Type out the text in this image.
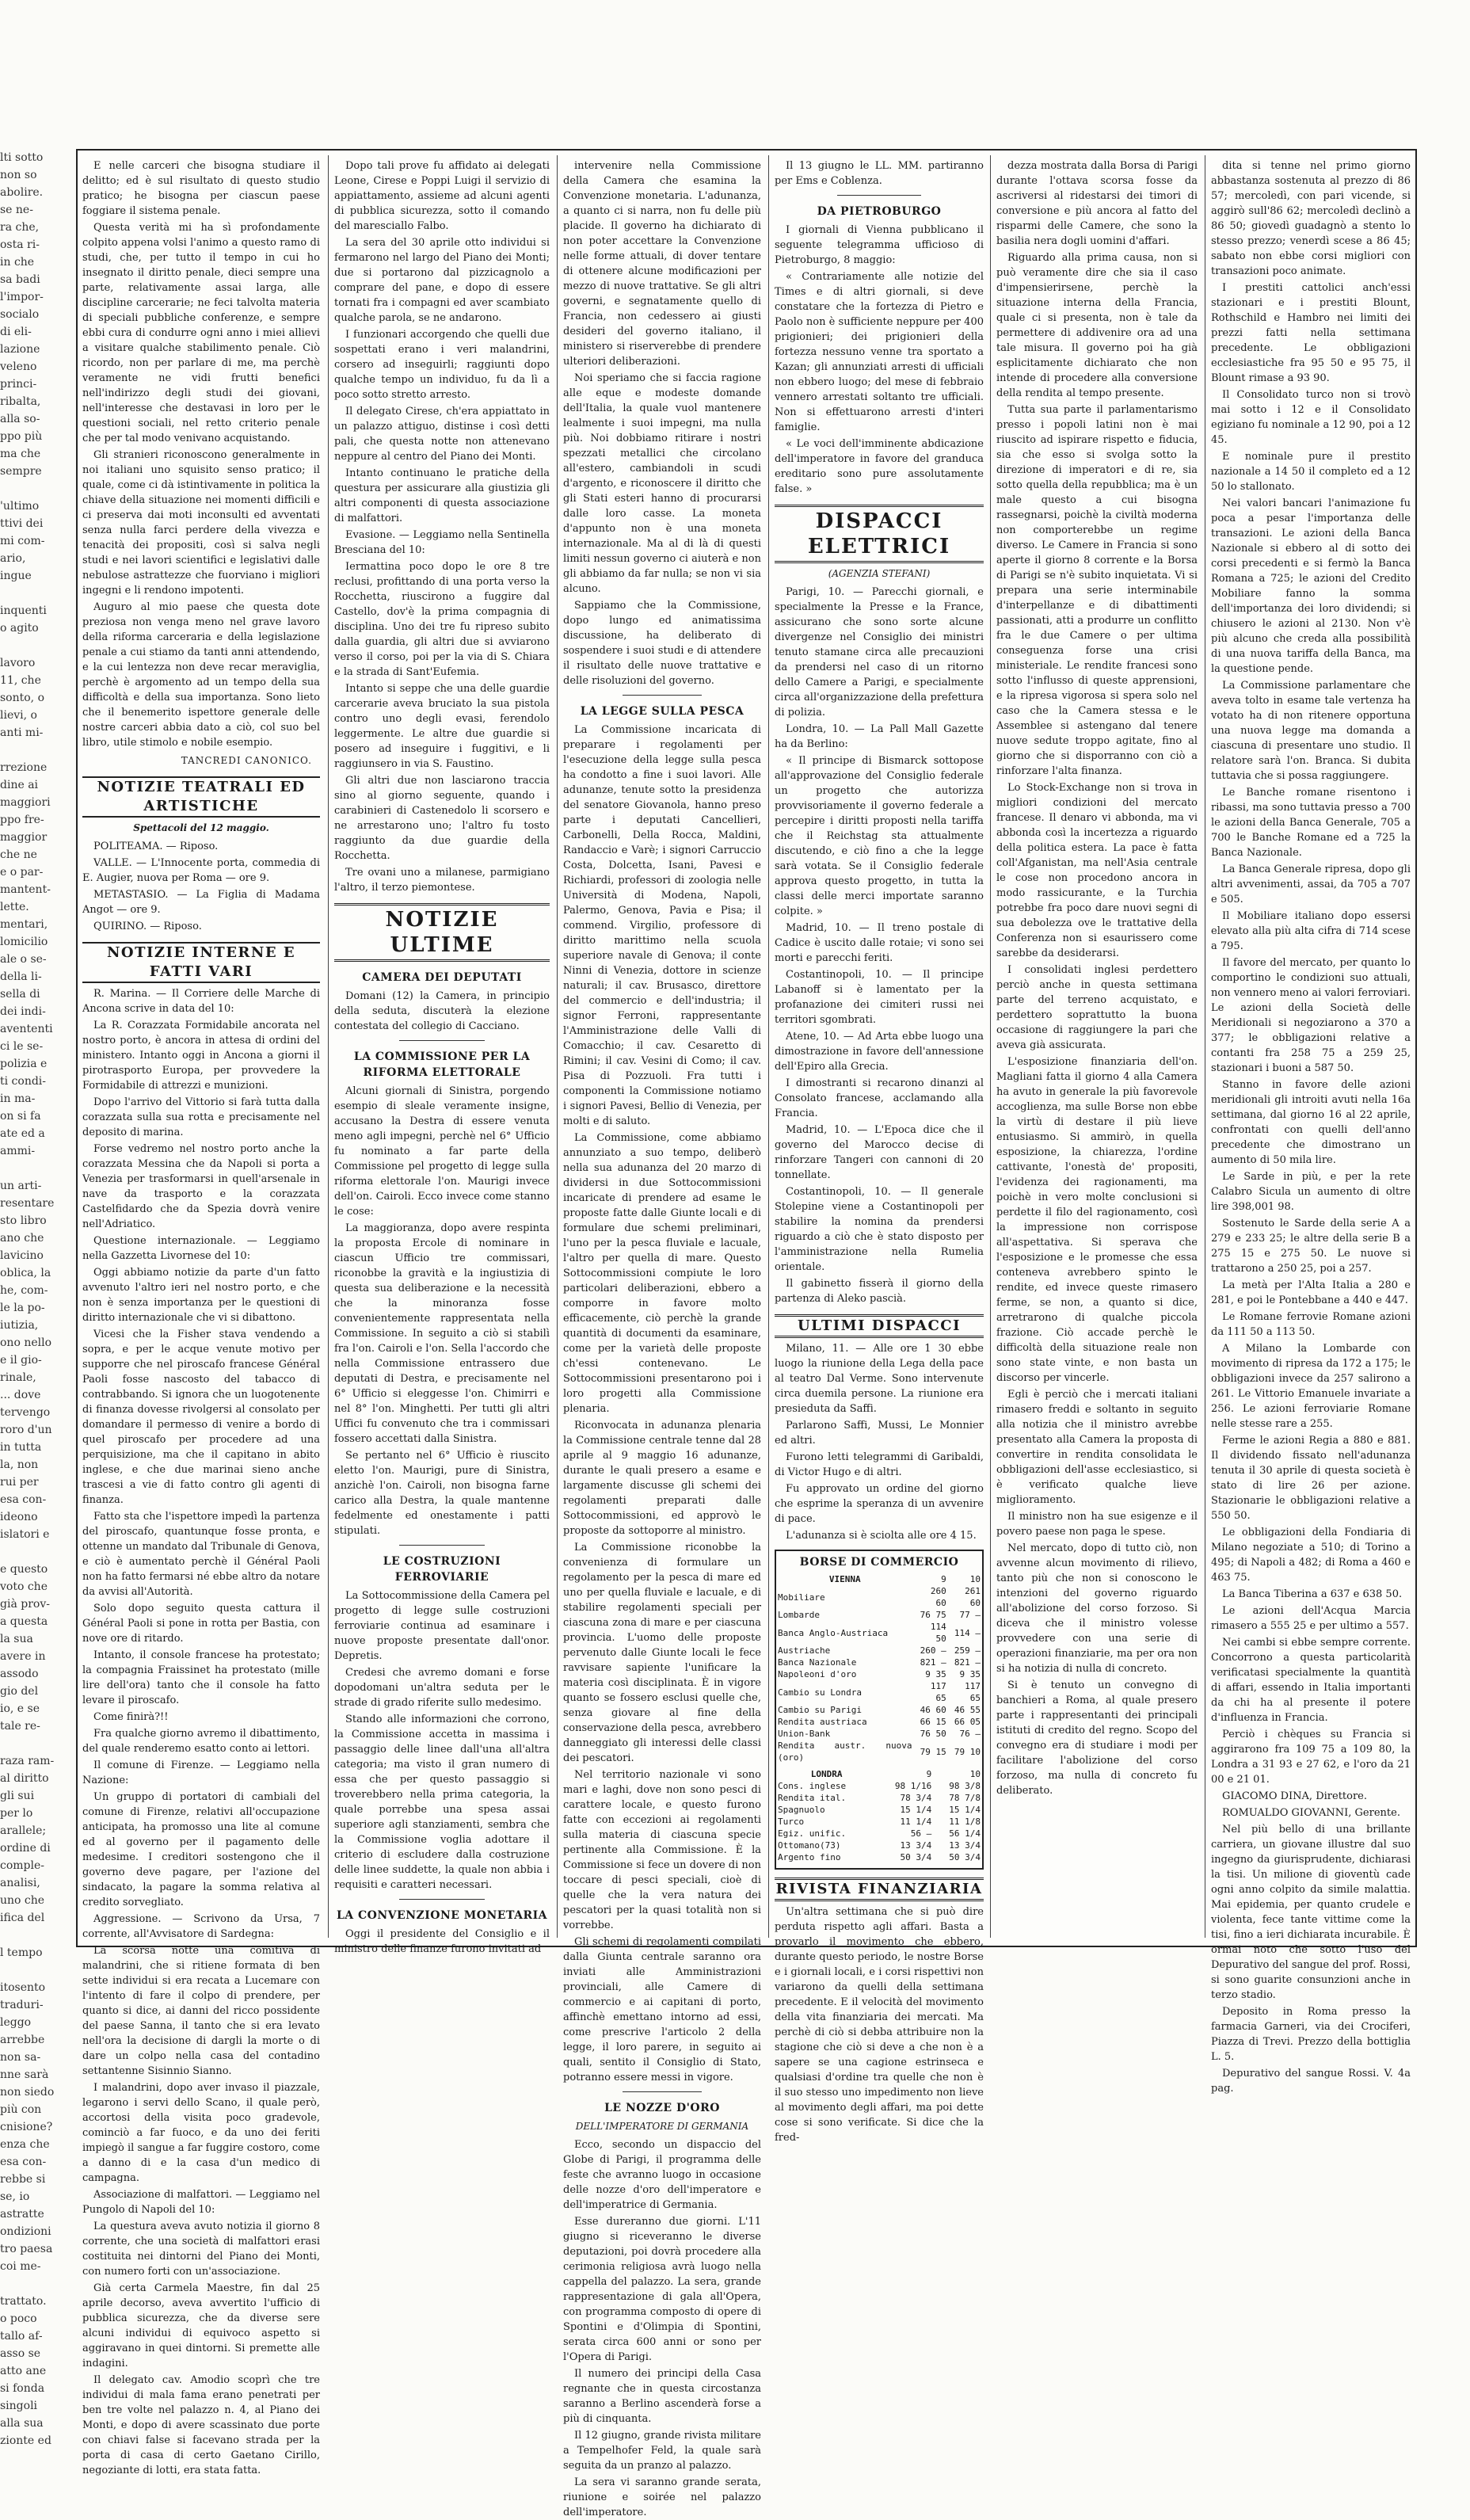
lti sotto
non so
abolire.
se ne-
ra che,
osta ri-
in che
sa badi
l'impor-
socialo
di eli-
lazione
veleno
princi-
ribalta,
alla so-
ppo più
ma che
sempre

'ultimo
ttivi dei
mi com-
ario,
ingue

inquenti
o agito

lavoro
11, che
sonto, o
lievi, o
anti mi-

rrezione
dine ai
maggiori
ppo fre-
maggior
che ne
e o par-
mantent-
lette.
mentari,
lomicilio
ale o se-
della li-
sella di
dei indi-
avententi
ci le se-
polizia e
ti condi-
in ma-
on si fa
ate ed a
ammi-

un arti-
resentare
sto libro
ano che
lavicino
oblica, la
he, com-
le la po-
iutizia,
ono nello
e il gio-
rinale,
... dove
tervengo
roro d'un
in tutta
la, non
rui per
esa con-
ideono
islatori e

e questo
voto che
già prov-
a questa
la sua
avere in
assodo
gio del
io, e se
tale re-

raza ram-
al diritto
gli sui
per lo
arallele;
ordine di
comple-
analisi,
uno che
ifica del

l tempo

itosento
traduri-
leggo
arrebbe
non sa-
nne sarà
non siedo
più con
cnisione?
enza che
esa con-
rebbe si
se, io
astratte
ondizioni
tro paesa
coi me-

trattato.
o poco
tallo af-
asso se
atto ane
si fonda
singoli
alla sua
zionte ed

E nelle carceri che bisogna studiare il delitto; ed è sul risultato di questo studio pratico; he bisogna per ciascun paese foggiare il sistema penale.

Questa verità mi ha sì profondamente colpito appena volsi l'animo a questo ramo di studi, che, per tutto il tempo in cui ho insegnato il diritto penale, dieci sempre una parte, relativamente assai larga, alle discipline carcerarie; ne feci talvolta materia di speciali pubbliche conferenze, e sempre ebbi cura di condurre ogni anno i miei allievi a visitare qualche stabilimento penale. Ciò ricordo, non per parlare di me, ma perchè veramente ne vidi frutti benefici nell'indirizzo degli studi dei giovani, nell'interesse che destavasi in loro per le questioni sociali, nel retto criterio penale che per tal modo venivano acquistando.

Gli stranieri riconoscono generalmente in noi italiani uno squisito senso pratico; il quale, come ci dà istintivamente in politica la chiave della situazione nei momenti difficili e ci preserva dai moti inconsulti ed avventati senza nulla farci perdere della vivezza e tenacità dei propositi, così si salva negli studi e nei lavori scientifici e legislativi dalle nebulose astrattezze che fuorviano i migliori ingegni e li rendono impotenti.

Auguro al mio paese che questa dote preziosa non venga meno nel grave lavoro della riforma carceraria e della legislazione penale a cui stiamo da tanti anni attendendo, e la cui lentezza non deve recar meraviglia, perchè è argomento ad un tempo della sua difficoltà e della sua importanza. Sono lieto che il benemerito ispettore generale delle nostre carceri abbia dato a ciò, col suo bel libro, utile stimolo e nobile esempio.

TANCREDI CANONICO.
NOTIZIE TEATRALI ED ARTISTICHE
Spettacoli del 12 maggio.

POLITEAMA. — Riposo.

VALLE. — L'Innocente porta, commedia di E. Augier, nuova per Roma — ore 9.

METASTASIO. — La Figlia di Madama Angot — ore 9.

QUIRINO. — Riposo.

NOTIZIE INTERNE E FATTI VARI

R. Marina. — Il Corriere delle Marche di Ancona scrive in data del 10:

La R. Corazzata Formidabile ancorata nel nostro porto, è ancora in attesa di ordini del ministero. Intanto oggi in Ancona a giorni il pirotrasporto Europa, per provvedere la Formidabile di attrezzi e munizioni.

Dopo l'arrivo del Vittorio si farà tutta dalla corazzata sulla sua rotta e precisamente nel deposito di marina.

Forse vedremo nel nostro porto anche la corazzata Messina che da Napoli si porta a Venezia per trasformarsi in quell'arsenale in nave da trasporto e la corazzata Castelfidardo che da Spezia dovrà venire nell'Adriatico.

Questione internazionale. — Leggiamo nella Gazzetta Livornese del 10:

Oggi abbiamo notizie da parte d'un fatto avvenuto l'altro ieri nel nostro porto, e che non è senza importanza per le questioni di diritto internazionale che vi si dibattono.

Vicesi che la Fisher stava vendendo a sopra, e per le acque venute motivo per supporre che nel piroscafo francese Général Paoli fosse nascosto del tabacco di contrabbando. Si ignora che un luogotenente di finanza dovesse rivolgersi al consolato per domandare il permesso di venire a bordo di quel piroscafo per procedere ad una perquisizione, ma che il capitano in abito inglese, e che due marinai sieno anche trascesi a vie di fatto contro gli agenti di finanza.

Fatto sta che l'ispettore impedì la partenza del piroscafo, quantunque fosse pronta, e ottenne un mandato dal Tribunale di Genova, e ciò è aumentato perchè il Général Paoli non ha fatto fermarsi né ebbe altro da notare da avvisi all'Autorità.

Solo dopo seguito questa cattura il Général Paoli si pone in rotta per Bastia, con nove ore di ritardo.

Intanto, il console francese ha protestato; la compagnia Fraissinet ha protestato (mille lire dell'ora) tanto che il console ha fatto levare il piroscafo.

Come finirà?!!

Fra qualche giorno avremo il dibattimento, del quale renderemo esatto conto ai lettori.

Il comune di Firenze. — Leggiamo nella Nazione:

Un gruppo di portatori di cambiali del comune di Firenze, relativi all'occupazione anticipata, ha promosso una lite al comune ed al governo per il pagamento delle medesime. I creditori sostengono che il governo deve pagare, per l'azione del sindacato, la pagare la somma relativa al credito sorvegliato.

Aggressione. — Scrivono da Ursa, 7 corrente, all'Avvisatore di Sardegna:

La scorsa notte una comitiva di malandrini, che si ritiene formata di ben sette individui si era recata a Lucemare con l'intento di fare il colpo di prendere, per quanto si dice, ai danni del ricco possidente del paese Sanna, il tanto che si era levato nell'ora la decisione di dargli la morte o di dare un colpo nella casa del contadino settantenne Sisinnio Sianno.

I malandrini, dopo aver invaso il piazzale, legarono i servi dello Scano, il quale però, accortosi della visita poco gradevole, cominciò a far fuoco, e da uno dei feriti impiegò il sangue a far fuggire costoro, come a danno di e la casa d'un medico di campagna.

Associazione di malfattori. — Leggiamo nel Pungolo di Napoli del 10:

La questura aveva avuto notizia il giorno 8 corrente, che una società di malfattori erasi costituita nei dintorni del Piano dei Monti, con numero forti con un'associazione.

Già certa Carmela Maestre, fin dal 25 aprile decorso, aveva avvertito l'ufficio di pubblica sicurezza, che da diverse sere alcuni individui di equivoco aspetto si aggiravano in quei dintorni. Si premette alle indagini.

Il delegato cav. Amodio scoprì che tre individui di mala fama erano penetrati per ben tre volte nel palazzo n. 4, al Piano dei Monti, e dopo di avere scassinato due porte con chiavi false si facevano strada per la porta di casa di certo Gaetano Cirillo, negoziante di lotti, era stata fatta.

Dopo tali prove fu affidato ai delegati Leone, Cirese e Poppi Luigi il servizio di appiattamento, assieme ad alcuni agenti di pubblica sicurezza, sotto il comando del maresciallo Falbo.

La sera del 30 aprile otto individui si fermarono nel largo del Piano dei Monti; due si portarono dal pizzicagnolo a comprare del pane, e dopo di essere tornati fra i compagni ed aver scambiato qualche parola, se ne andarono.

I funzionari accorgendo che quelli due sospettati erano i veri malandrini, corsero ad inseguirli; raggiunti dopo qualche tempo un individuo, fu da lì a poco sotto stretto arresto.

Il delegato Cirese, ch'era appiattato in un palazzo attiguo, distinse i così detti pali, che questa notte non attenevano neppure al centro del Piano dei Monti.

Intanto continuano le pratiche della questura per assicurare alla giustizia gli altri componenti di questa associazione di malfattori.

Evasione. — Leggiamo nella Sentinella Bresciana del 10:

Iermattina poco dopo le ore 8 tre reclusi, profittando di una porta verso la Rocchetta, riuscirono a fuggire dal Castello, dov'è la prima compagnia di disciplina. Uno dei tre fu ripreso subito dalla guardia, gli altri due si avviarono verso il corso, poi per la via di S. Chiara e la strada di Sant'Eufemia.

Intanto si seppe che una delle guardie carcerarie aveva bruciato la sua pistola contro uno degli evasi, ferendolo leggermente. Le altre due guardie si posero ad inseguire i fuggitivi, e li raggiunsero in via S. Faustino.

Gli altri due non lasciarono traccia sino al giorno seguente, quando i carabinieri di Castenedolo li scorsero e ne arrestarono uno; l'altro fu tosto raggiunto da due guardie della Rocchetta.

Tre ovani uno a milanese, parmigiano l'altro, il terzo piemontese.

NOTIZIE ULTIME
CAMERA DEI DEPUTATI

Domani (12) la Camera, in principio della seduta, discuterà la elezione contestata del collegio di Cacciano.

LA COMMISSIONE PER LA RIFORMA ELETTORALE

Alcuni giornali di Sinistra, porgendo esempio di sleale veramente insigne, accusano la Destra di essere venuta meno agli impegni, perchè nel 6° Ufficio fu nominato a far parte della Commissione pel progetto di legge sulla riforma elettorale l'on. Maurigi invece dell'on. Cairoli. Ecco invece come stanno le cose:

La maggioranza, dopo avere respinta la proposta Ercole di nominare in ciascun Ufficio tre commissari, riconobbe la gravità e la ingiustizia di questa sua deliberazione e la necessità che la minoranza fosse convenientemente rappresentata nella Commissione. In seguito a ciò si stabilì fra l'on. Cairoli e l'on. Sella l'accordo che nella Commissione entrassero due deputati di Destra, e precisamente nel 6° Ufficio si eleggesse l'on. Chimirri e nel 8° l'on. Minghetti. Per tutti gli altri Uffici fu convenuto che tra i commissari fossero accettati dalla Sinistra.

Se pertanto nel 6° Ufficio è riuscito eletto l'on. Maurigi, pure di Sinistra, anzichè l'on. Cairoli, non bisogna farne carico alla Destra, la quale mantenne fedelmente ed onestamente i patti stipulati.

LE COSTRUZIONI FERROVIARIE

La Sottocommissione della Camera pel progetto di legge sulle costruzioni ferroviarie continua ad esaminare i nuove proposte presentate dall'onor. Depretis.

Credesi che avremo domani e forse dopodomani un'altra seduta per le strade di grado riferite sullo medesimo.

Stando alle informazioni che corrono, la Commissione accetta in massima i passaggio delle linee dall'una all'altra categoria; ma visto il gran numero di essa che per questo passaggio si troverebbero nella prima categoria, la quale porrebbe una spesa assai superiore agli stanziamenti, sembra che la Commissione voglia adottare il criterio di escludere dalla costruzione delle linee suddette, la quale non abbia i requisiti e caratteri necessari.

LA CONVENZIONE MONETARIA

Oggi il presidente del Consiglio e il ministro delle finanze furono invitati ad

intervenire nella Commissione della Camera che esamina la Convenzione monetaria. L'adunanza, a quanto ci si narra, non fu delle più placide. Il governo ha dichiarato di non poter accettare la Convenzione nelle forme attuali, di dover tentare di ottenere alcune modificazioni per mezzo di nuove trattative. Se gli altri governi, e segnatamente quello di Francia, non cedessero ai giusti desideri del governo italiano, il ministero si riserverebbe di prendere ulteriori deliberazioni.

Noi speriamo che si faccia ragione alle eque e modeste domande dell'Italia, la quale vuol mantenere lealmente i suoi impegni, ma nulla più. Noi dobbiamo ritirare i nostri spezzati metallici che circolano all'estero, cambiandoli in scudi d'argento, e riconoscere il diritto che gli Stati esteri hanno di procurarsi dalle loro casse. La moneta d'appunto non è una moneta internazionale. Ma al di là di questi limiti nessun governo ci aiuterà e non gli abbiamo da far nulla; se non vi sia alcuno.

Sappiamo che la Commissione, dopo lungo ed animatissima discussione, ha deliberato di sospendere i suoi studi e di attendere il risultato delle nuove trattative e delle risoluzioni del governo.

LA LEGGE SULLA PESCA

La Commissione incaricata di preparare i regolamenti per l'esecuzione della legge sulla pesca ha condotto a fine i suoi lavori. Alle adunanze, tenute sotto la presidenza del senatore Giovanola, hanno preso parte i deputati Cancellieri, Carbonelli, Della Rocca, Maldini, Randaccio e Varè; i signori Carruccio Costa, Dolcetta, Isani, Pavesi e Richiardi, professori di zoologia nelle Università di Modena, Napoli, Palermo, Genova, Pavia e Pisa; il commend. Virgilio, professore di diritto marittimo nella scuola superiore navale di Genova; il conte Ninni di Venezia, dottore in scienze naturali; il cav. Brusasco, direttore del commercio e dell'industria; il signor Ferroni, rappresentante l'Amministrazione delle Valli di Comacchio; il cav. Cesaretto di Rimini; il cav. Vesini di Como; il cav. Pisa di Pozzuoli. Fra tutti i componenti la Commissione notiamo i signori Pavesi, Bellio di Venezia, per molti e di saluto.

La Commissione, come abbiamo annunziato a suo tempo, deliberò nella sua adunanza del 20 marzo di dividersi in due Sottocommissioni incaricate di prendere ad esame le proposte fatte dalle Giunte locali e di formulare due schemi preliminari, l'uno per la pesca fluviale e lacuale, l'altro per quella di mare. Questo Sottocommissioni compiute le loro particolari deliberazioni, ebbero a comporre in favore molto efficacemente, ciò perchè la grande quantità di documenti da esaminare, come per la varietà delle proposte ch'essi contenevano. Le Sottocommissioni presentarono poi i loro progetti alla Commissione plenaria.

Riconvocata in adunanza plenaria la Commissione centrale tenne dal 28 aprile al 9 maggio 16 adunanze, durante le quali presero a esame e largamente discusse gli schemi dei regolamenti preparati dalle Sottocommissioni, ed approvò le proposte da sottoporre al ministro.

La Commissione riconobbe la convenienza di formulare un regolamento per la pesca di mare ed uno per quella fluviale e lacuale, e di stabilire regolamenti speciali per ciascuna zona di mare e per ciascuna provincia. L'uomo delle proposte pervenuto dalle Giunte locali le fece ravvisare sapiente l'unificare la materia così disciplinata. È in vigore quanto se fossero esclusi quelle che, senza giovare al fine della conservazione della pesca, avrebbero danneggiato gli interessi delle classi dei pescatori.

Nel territorio nazionale vi sono mari e laghi, dove non sono pesci di carattere locale, e questo furono fatte con eccezioni ai regolamenti sulla materia di ciascuna specie pertinente alla Commissione. È la Commissione si fece un dovere di non toccare di pesci speciali, cioè di quelle che la vera natura dei pescatori per la quasi totalità non si vorrebbe.

Gli schemi di regolamenti compilati dalla Giunta centrale saranno ora inviati alle Amministrazioni provinciali, alle Camere di commercio e ai capitani di porto, affinchè emettano intorno ad essi, come prescrive l'articolo 2 della legge, il loro parere, in seguito ai quali, sentito il Consiglio di Stato, potranno essere messi in vigore.

LE NOZZE D'ORO
DELL'IMPERATORE DI GERMANIA

Ecco, secondo un dispaccio del Globe di Parigi, il programma delle feste che avranno luogo in occasione delle nozze d'oro dell'imperatore e dell'imperatrice di Germania.

Esse dureranno due giorni. L'11 giugno si riceveranno le diverse deputazioni, poi dovrà procedere alla cerimonia religiosa avrà luogo nella cappella del palazzo. La sera, grande rappresentazione di gala all'Opera, con programma composto di opere di Spontini e d'Olimpia di Spontini, serata circa 600 anni or sono per l'Opera di Parigi.

Il numero dei principi della Casa regnante che in questa circostanza saranno a Berlino ascenderà forse a più di cinquanta.

Il 12 giugno, grande rivista militare a Tempelhofer Feld, la quale sarà seguita da un pranzo al palazzo.

La sera vi saranno grande serata, riunione e soirée nel palazzo dell'imperatore.

Il 13 giugno le LL. MM. partiranno per Ems e Coblenza.

DA PIETROBURGO

I giornali di Vienna pubblicano il seguente telegramma ufficioso di Pietroburgo, 8 maggio:

« Contrariamente alle notizie del Times e di altri giornali, si deve constatare che la fortezza di Pietro e Paolo non è sufficiente neppure per 400 prigionieri; dei prigionieri della fortezza nessuno venne tra sportato a Kazan; gli annunziati arresti di ufficiali non ebbero luogo; del mese di febbraio vennero arrestati soltanto tre ufficiali. Non si effettuarono arresti d'interi famiglie.

« Le voci dell'imminente abdicazione dell'imperatore in favore del granduca ereditario sono pure assolutamente false. »

DISPACCI ELETTRICI
(AGENZIA STEFANI)

Parigi, 10. — Parecchi giornali, e specialmente la Presse e la France, assicurano che sono sorte alcune divergenze nel Consiglio dei ministri tenuto stamane circa alle precauzioni da prendersi nel caso di un ritorno dello Camere a Parigi, e specialmente circa all'organizzazione della prefettura di polizia.

Londra, 10. — La Pall Mall Gazette ha da Berlino:

« Il principe di Bismarck sottopose all'approvazione del Consiglio federale un progetto che autorizza provvisoriamente il governo federale a percepire i diritti proposti nella tariffa che il Reichstag sta attualmente discutendo, e ciò fino a che la legge sarà votata. Se il Consiglio federale approva questo progetto, in tutta la classi delle merci importate saranno colpite. »

Madrid, 10. — Il treno postale di Cadice è uscito dalle rotaie; vi sono sei morti e parecchi feriti.

Costantinopoli, 10. — Il principe Labanoff si è lamentato per la profanazione dei cimiteri russi nei territori sgombrati.

Atene, 10. — Ad Arta ebbe luogo una dimostrazione in favore dell'annessione dell'Epiro alla Grecia.

I dimostranti si recarono dinanzi al Consolato francese, acclamando alla Francia.

Madrid, 10. — L'Epoca dice che il governo del Marocco decise di rinforzare Tangeri con cannoni di 20 tonnellate.

Costantinopoli, 10. — Il generale Stolepine viene a Costantinopoli per stabilire la nomina da prendersi riguardo a ciò che è stato disposto per l'amministrazione nella Rumelia orientale.

Il gabinetto fisserà il giorno della partenza di Aleko pascià.

ULTIMI DISPACCI

Milano, 11. — Alle ore 1 30 ebbe luogo la riunione della Lega della pace al teatro Dal Verme. Sono intervenute circa duemila persone. La riunione era presieduta da Saffi.

Parlarono Saffi, Mussi, Le Monnier ed altri.

Furono letti telegrammi di Garibaldi, di Victor Hugo e di altri.

Fu approvato un ordine del giorno che esprime la speranza di un avvenire di pace.

L'adunanza si è sciolta alle ore 4 15.

BORSE DI COMMERCIO
VIENNA	9	10
Mobiliare	260 60	261 60
Lombarde	76 75	77 —
Banca Anglo-Austriaca	114 50	114 —
Austriache	260 —	259 —
Banca Nazionale	821 —	821 —
Napoleoni d'oro	9 35	9 35
Cambio su Londra	117 65	117 65
Cambio su Parigi	46 60	46 55
Rendita austriaca	66 15	66 05
Union-Bank	76 50	76 —
Rendita austr. nuova (oro)	79 15	79 10
LONDRA	9	10
Cons. inglese	98 1/16	98 3/8
Rendita ital.	78 3/4	78 7/8
Spagnuolo	15 1/4	15 1/4
Turco	11 1/4	11 1/8
Egiz. unific.	56 —	56 1/4
Ottomano(73)	13 3/4	13 3/4
Argento fino	50 3/4	50 3/4
RIVISTA FINANZIARIA

Un'altra settimana che si può dire perduta rispetto agli affari. Basta a provarlo il movimento che ebbero, durante questo periodo, le nostre Borse e i giornali locali, e i corsi rispettivi non variarono da quelli della settimana precedente. E il velocità del movimento della vita finanziaria dei mercati. Ma perchè di ciò si debba attribuire non la stagione che ciò si deve a che non è a sapere se una cagione estrinseca e qualsiasi d'ordine tra quelle che non è il suo stesso uno impedimento non lieve al movimento degli affari, ma poi dette cose si sono verificate. Si dice che la fred-

dezza mostrata dalla Borsa di Parigi durante l'ottava scorsa fosse da ascriversi al ridestarsi dei timori di conversione e più ancora al fatto del risparmi delle Camere, che sono la basilia nera dogli uomini d'affari.

Riguardo alla prima causa, non si può veramente dire che sia il caso d'impensierirsene, perchè la situazione interna della Francia, quale ci si presenta, non è tale da permettere di addivenire ora ad una tale misura. Il governo poi ha già esplicitamente dichiarato che non intende di procedere alla conversione della rendita al tempo presente.

Tutta sua parte il parlamentarismo presso i popoli latini non è mai riuscito ad ispirare rispetto e fiducia, sia che esso si svolga sotto la direzione di imperatori e di re, sia sotto quella della repubblica; ma è un male questo a cui bisogna rassegnarsi, poichè la civiltà moderna non comporterebbe un regime diverso. Le Camere in Francia si sono aperte il giorno 8 corrente e la Borsa di Parigi se n'è subito inquietata. Vi si prepara una serie interminabile d'interpellanze e di dibattimenti passionati, atti a produrre un conflitto fra le due Camere o per ultima conseguenza forse una crisi ministeriale. Le rendite francesi sono sotto l'influsso di queste apprensioni, e la ripresa vigorosa si spera solo nel caso che la Camera stessa e le Assemblee si astengano dal tenere nuove sedute troppo agitate, fino al giorno che si disporranno con ciò a rinforzare l'alta finanza.

Lo Stock-Exchange non si trova in migliori condizioni del mercato francese. Il denaro vi abbonda, ma vi abbonda così la incertezza a riguardo della politica estera. La pace è fatta coll'Afganistan, ma nell'Asia centrale le cose non procedono ancora in modo rassicurante, e la Turchia potrebbe fra poco dare nuovi segni di sua debolezza ove le trattative della Conferenza non si esaurissero come sarebbe da desiderarsi.

I consolidati inglesi perdettero perciò anche in questa settimana parte del terreno acquistato, e perdettero soprattutto la buona occasione di raggiungere la pari che aveva già assicurata.

L'esposizione finanziaria dell'on. Magliani fatta il giorno 4 alla Camera ha avuto in generale la più favorevole accoglienza, ma sulle Borse non ebbe la virtù di destare il più lieve entusiasmo. Si ammirò, in quella esposizione, la chiarezza, l'ordine cattivante, l'onestà de' propositi, l'evidenza dei ragionamenti, ma poichè in vero molte conclusioni si perdette il filo del ragionamento, così la impressione non corrispose all'aspettativa. Si sperava che l'esposizione e le promesse che essa conteneva avrebbero spinto le rendite, ed invece queste rimasero ferme, se non, a quanto si dice, arretrarono di qualche piccola frazione. Ciò accade perchè le difficoltà della situazione reale non sono state vinte, e non basta un discorso per vincerle.

Egli è perciò che i mercati italiani rimasero freddi e soltanto in seguito alla notizia che il ministro avrebbe presentato alla Camera la proposta di convertire in rendita consolidata le obbligazioni dell'asse ecclesiastico, si è verificato qualche lieve miglioramento.

Il ministro non ha sue esigenze e il povero paese non paga le spese.

Nel mercato, dopo di tutto ciò, non avvenne alcun movimento di rilievo, tanto più che non si conoscono le intenzioni del governo riguardo all'abolizione del corso forzoso. Si diceva che il ministro volesse provvedere con una serie di operazioni finanziarie, ma per ora non si ha notizia di nulla di concreto.

Si è tenuto un convegno di banchieri a Roma, al quale presero parte i rappresentanti dei principali istituti di credito del regno. Scopo del convegno era di studiare i modi per facilitare l'abolizione del corso forzoso, ma nulla di concreto fu deliberato.

dita si tenne nel primo giorno abbastanza sostenuta al prezzo di 86 57; mercoledì, con pari vicende, si aggirò sull'86 62; mercoledì declinò a 86 50; giovedì guadagnò a stento lo stesso prezzo; venerdì scese a 86 45; sabato non ebbe corsi migliori con transazioni poco animate.

I prestiti cattolici anch'essi stazionari e i prestiti Blount, Rothschild e Hambro nei limiti dei prezzi fatti nella settimana precedente. Le obbligazioni ecclesiastiche fra 95 50 e 95 75, il Blount rimase a 93 90.

Il Consolidato turco non si trovò mai sotto i 12 e il Consolidato egiziano fu nominale a 12 90, poi a 12 45.

E nominale pure il prestito nazionale a 14 50 il completo ed a 12 50 lo stallonato.

Nei valori bancari l'animazione fu poca a pesar l'importanza delle transazioni. Le azioni della Banca Nazionale si ebbero al di sotto dei corsi precedenti e si fermò la Banca Romana a 725; le azioni del Credito Mobiliare fanno la somma dell'importanza dei loro dividendi; si chiusero le azioni al 2130. Non v'è più alcuno che creda alla possibilità di una nuova tariffa della Banca, ma la questione pende.

La Commissione parlamentare che aveva tolto in esame tale vertenza ha votato ha di non ritenere opportuna una nuova legge ma domanda a ciascuna di presentare uno studio. Il relatore sarà l'on. Branca. Si dubita tuttavia che si possa raggiungere.

Le Banche romane risentono i ribassi, ma sono tuttavia presso a 700 le azioni della Banca Generale, 705 a 700 le Banche Romane ed a 725 la Banca Nazionale.

La Banca Generale ripresa, dopo gli altri avvenimenti, assai, da 705 a 707 e 505.

Il Mobiliare italiano dopo essersi elevato alla più alta cifra di 714 scese a 795.

Il favore del mercato, per quanto lo comportino le condizioni suo attuali, non vennero meno ai valori ferroviari. Le azioni della Società delle Meridionali si negoziarono a 370 a 377; le obbligazioni relative a contanti fra 258 75 a 259 25, stazionari i buoni a 587 50.

Stanno in favore delle azioni meridionali gli introiti avuti nella 16a settimana, dal giorno 16 al 22 aprile, confrontati con quelli dell'anno precedente che dimostrano un aumento di 50 mila lire.

Le Sarde in più, e per la rete Calabro Sicula un aumento di oltre lire 398,001 98.

Sostenuto le Sarde della serie A a 279 e 233 25; le altre della serie B a 275 15 e 275 50. Le nuove si trattarono a 250 25, poi a 257.

La metà per l'Alta Italia a 280 e 281, e poi le Pontebbane a 440 e 447.

Le Romane ferrovie Romane azioni da 111 50 a 113 50.

A Milano la Lombarde con movimento di ripresa da 172 a 175; le obbligazioni invece da 257 salirono a 261. Le Vittorio Emanuele invariate a 256. Le azioni ferroviarie Romane nelle stesse rare a 255.

Ferme le azioni Regia a 880 e 881. Il dividendo fissato nell'adunanza tenuta il 30 aprile di questa società è stato di lire 26 per azione. Stazionarie le obbligazioni relative a 550 50.

Le obbligazioni della Fondiaria di Milano negoziate a 510; di Torino a 495; di Napoli a 482; di Roma a 460 e 463 75.

La Banca Tiberina a 637 e 638 50.

Le azioni dell'Acqua Marcia rimasero a 555 25 e per ultimo a 557.

Nei cambi si ebbe sempre corrente. Concorrono a questa particolarità verificatasi specialmente la quantità di affari, essendo in Italia importanti da chi ha al presente il potere d'influenza in Francia.

Perciò i chèques su Francia si aggirarono fra 109 75 a 109 80, la Londra a 31 93 e 27 62, e l'oro da 21 00 e 21 01.

GIACOMO DINA, Direttore.

ROMUALDO GIOVANNI, Gerente.

Nel più bello di una brillante carriera, un giovane illustre dal suo ingegno da giurisprudente, dichiarasi la tisi. Un milione di gioventù cade ogni anno colpito da simile malattia. Mai epidemia, per quanto crudele e violenta, fece tante vittime come la tisi, fino a ieri dichiarata incurabile. È ormai noto che sotto l'uso del Depurativo del sangue del prof. Rossi, si sono guarite consunzioni anche in terzo stadio.

Deposito in Roma presso la farmacia Garneri, via dei Crociferi, Piazza di Trevi. Prezzo della bottiglia L. 5.

Depurativo del sangue Rossi. V. 4a pag.
